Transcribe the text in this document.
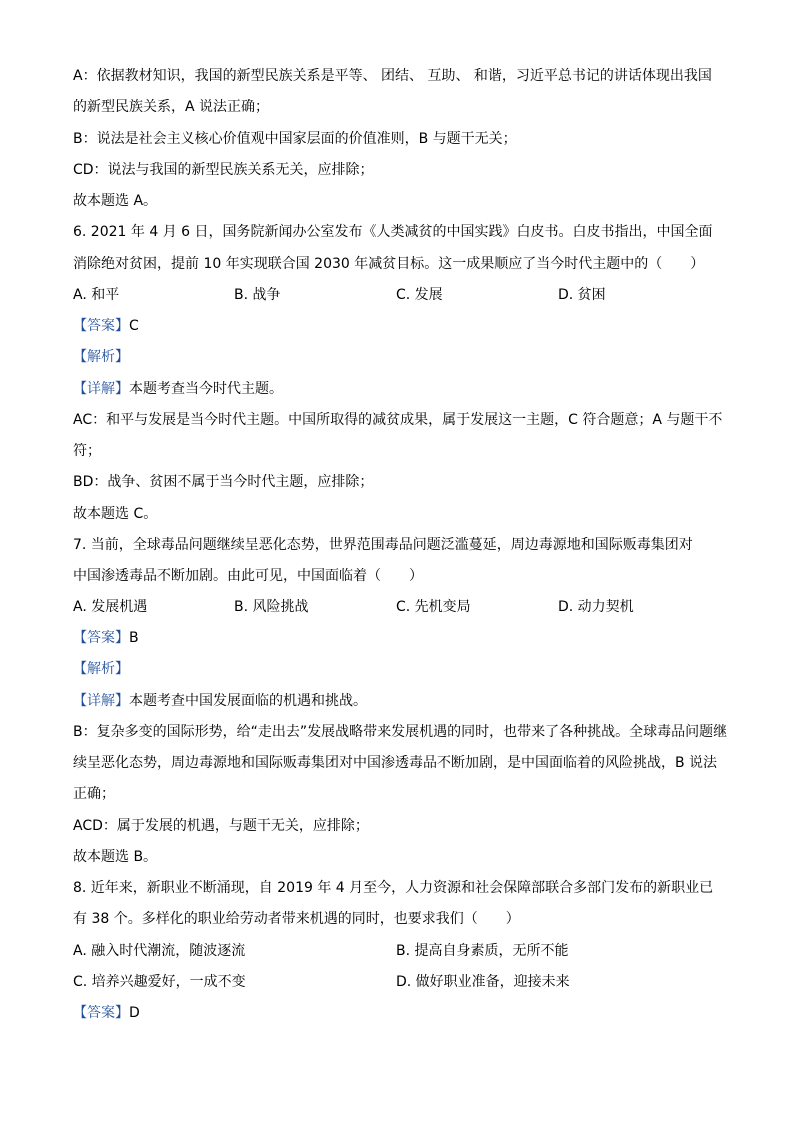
A：依据教材知识，我国的新型民族关系是平等、 团结、 互助、 和谐，习近平总书记的讲话体现出我国
的新型民族关系，A 说法正确；
B：说法是社会主义核心价值观中国家层面的价值准则，B 与题干无关；
CD：说法与我国的新型民族关系无关，应排除；
故本题选 A。
6. 2021 年 4 月 6 日，国务院新闻办公室发布《人类减贫的中国实践》白皮书。白皮书指出，中国全面
消除绝对贫困，提前 10 年实现联合国 2030 年减贫目标。这一成果顺应了当今时代主题中的（　　）
A. 和平	B. 战争	C. 发展	D. 贫困
【答案】C
【解析】
【详解】本题考查当今时代主题。
AC：和平与发展是当今时代主题。中国所取得的减贫成果，属于发展这一主题，C 符合题意；A 与题干不
符；
BD：战争、贫困不属于当今时代主题，应排除；
故本题选 C。
7. 当前，全球毒品问题继续呈恶化态势，世界范围毒品问题泛滥蔓延，周边毒源地和国际贩毒集团对
中国渗透毒品不断加剧。由此可见，中国面临着（　　）
A. 发展机遇	B. 风险挑战	C. 先机变局	D. 动力契机
【答案】B
【解析】
【详解】本题考查中国发展面临的机遇和挑战。
B：复杂多变的国际形势，给“走出去”发展战略带来发展机遇的同时，也带来了各种挑战。全球毒品问题继
续呈恶化态势，周边毒源地和国际贩毒集团对中国渗透毒品不断加剧，是中国面临着的风险挑战，B 说法
正确；
ACD：属于发展的机遇，与题干无关，应排除；
故本题选 B。
8. 近年来，新职业不断涌现，自 2019 年 4 月至今，人力资源和社会保障部联合多部门发布的新职业已
有 38 个。多样化的职业给劳动者带来机遇的同时，也要求我们（　　）
A. 融入时代潮流，随波逐流	B. 提高自身素质，无所不能
C. 培养兴趣爱好，一成不变	D. 做好职业准备，迎接未来
【答案】D
